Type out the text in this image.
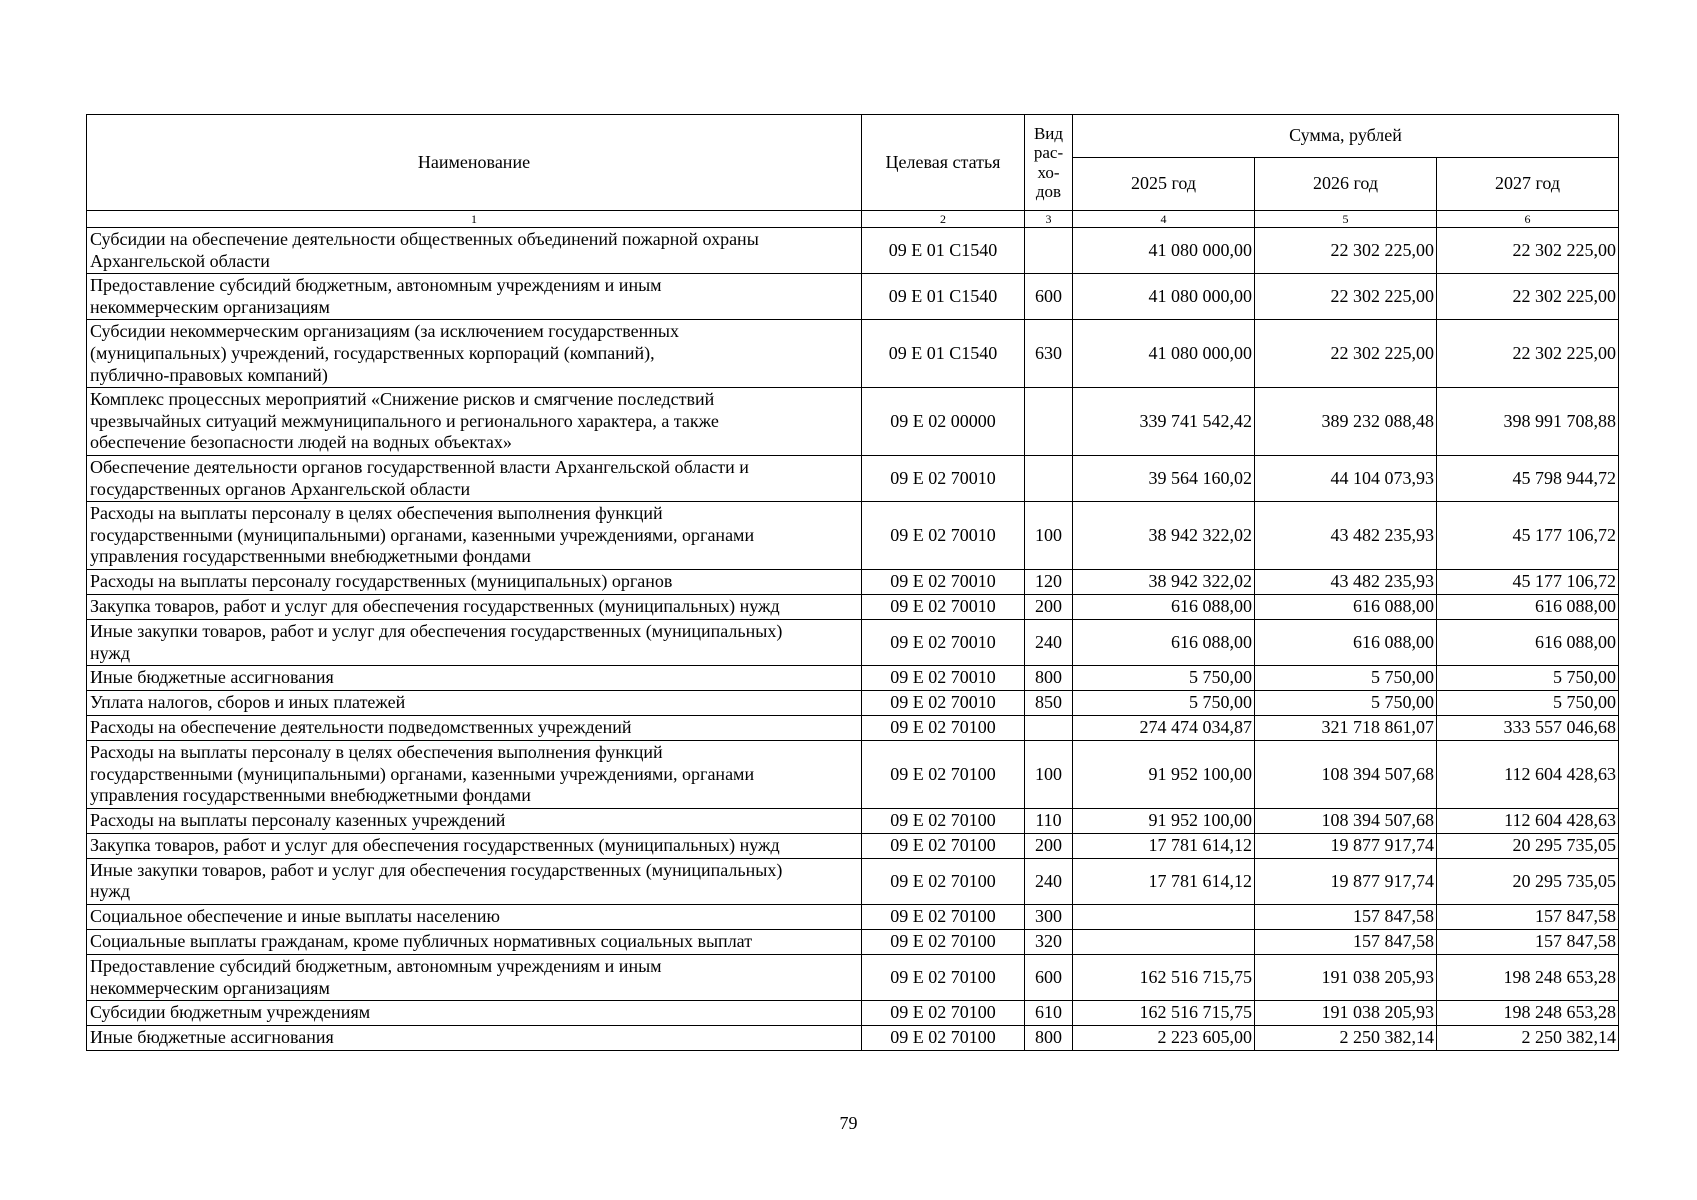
Наименование	Целевая статья	Вид
рас-
хо-
дов	Сумма, рублей		
			2025 год	2026 год	2027 год
1	2	3	4	5	6
Субсидии на обеспечение деятельности общественных объединений пожарной охраны
Архангельской области	09 Е 01 С1540		41 080 000,00	22 302 225,00	22 302 225,00
Предоставление субсидий бюджетным, автономным учреждениям и иным
некоммерческим организациям	09 Е 01 С1540	600	41 080 000,00	22 302 225,00	22 302 225,00
Субсидии некоммерческим организациям (за исключением государственных
(муниципальных) учреждений, государственных корпораций (компаний),
публично-правовых компаний)	09 Е 01 С1540	630	41 080 000,00	22 302 225,00	22 302 225,00
Комплекс процессных мероприятий «Снижение рисков и смягчение последствий
чрезвычайных ситуаций межмуниципального и регионального характера, а также
обеспечение безопасности людей на водных объектах»	09 Е 02 00000		339 741 542,42	389 232 088,48	398 991 708,88
Обеспечение деятельности органов государственной власти Архангельской области и
государственных органов Архангельской области	09 Е 02 70010		39 564 160,02	44 104 073,93	45 798 944,72
Расходы на выплаты персоналу в целях обеспечения выполнения функций
государственными (муниципальными) органами, казенными учреждениями, органами
управления государственными внебюджетными фондами	09 Е 02 70010	100	38 942 322,02	43 482 235,93	45 177 106,72
Расходы на выплаты персоналу государственных (муниципальных) органов	09 Е 02 70010	120	38 942 322,02	43 482 235,93	45 177 106,72
Закупка товаров, работ и услуг для обеспечения государственных (муниципальных) нужд	09 Е 02 70010	200	616 088,00	616 088,00	616 088,00
Иные закупки товаров, работ и услуг для обеспечения государственных (муниципальных)
нужд	09 Е 02 70010	240	616 088,00	616 088,00	616 088,00
Иные бюджетные ассигнования	09 Е 02 70010	800	5 750,00	5 750,00	5 750,00
Уплата налогов, сборов и иных платежей	09 Е 02 70010	850	5 750,00	5 750,00	5 750,00
Расходы на обеспечение деятельности подведомственных учреждений	09 Е 02 70100		274 474 034,87	321 718 861,07	333 557 046,68
Расходы на выплаты персоналу в целях обеспечения выполнения функций
государственными (муниципальными) органами, казенными учреждениями, органами
управления государственными внебюджетными фондами	09 Е 02 70100	100	91 952 100,00	108 394 507,68	112 604 428,63
Расходы на выплаты персоналу казенных учреждений	09 Е 02 70100	110	91 952 100,00	108 394 507,68	112 604 428,63
Закупка товаров, работ и услуг для обеспечения государственных (муниципальных) нужд	09 Е 02 70100	200	17 781 614,12	19 877 917,74	20 295 735,05
Иные закупки товаров, работ и услуг для обеспечения государственных (муниципальных)
нужд	09 Е 02 70100	240	17 781 614,12	19 877 917,74	20 295 735,05
Социальное обеспечение и иные выплаты населению	09 Е 02 70100	300		157 847,58	157 847,58
Социальные выплаты гражданам, кроме публичных нормативных социальных выплат	09 Е 02 70100	320		157 847,58	157 847,58
Предоставление субсидий бюджетным, автономным учреждениям и иным
некоммерческим организациям	09 Е 02 70100	600	162 516 715,75	191 038 205,93	198 248 653,28
Субсидии бюджетным учреждениям	09 Е 02 70100	610	162 516 715,75	191 038 205,93	198 248 653,28
Иные бюджетные ассигнования	09 Е 02 70100	800	2 223 605,00	2 250 382,14	2 250 382,14
79
